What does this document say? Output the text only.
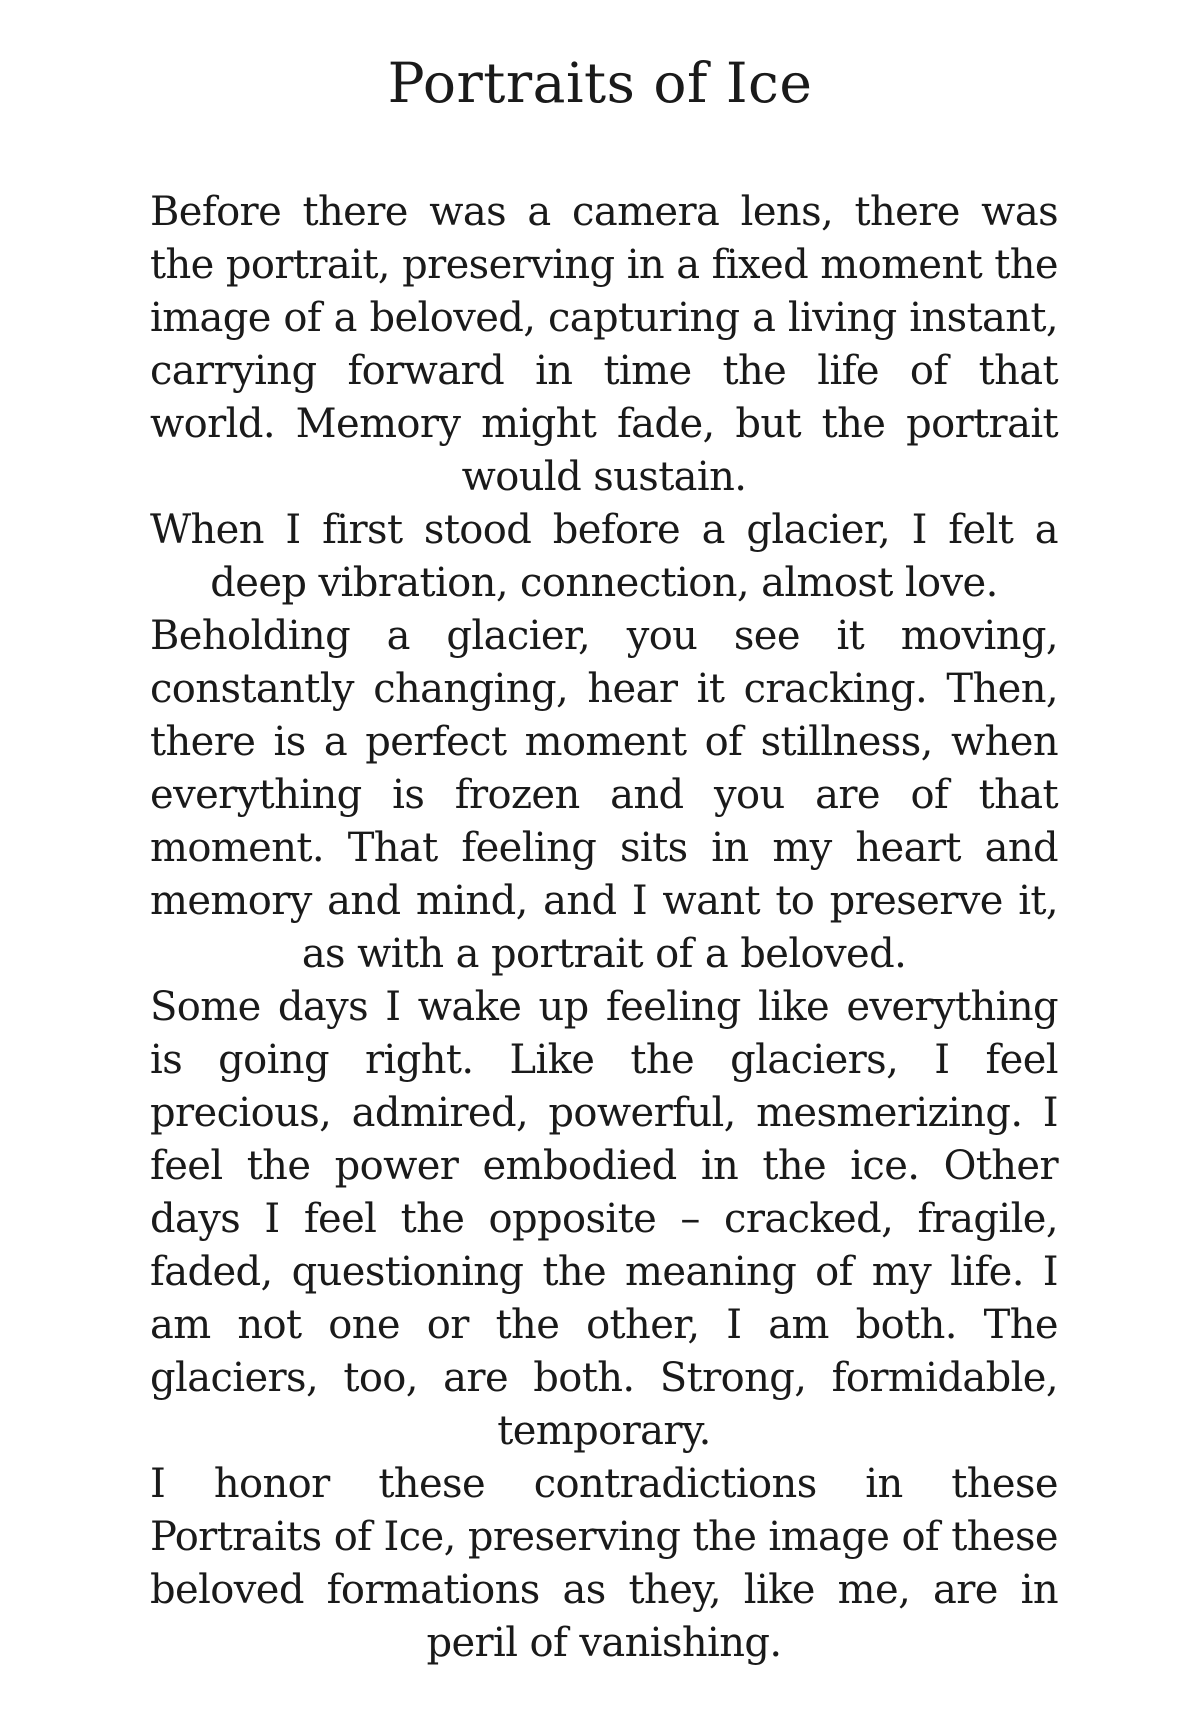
Portraits of Ice

Before there was a camera lens, there was the portrait, preserving in a fixed moment the image of a beloved, capturing a living instant, carrying forward in time the life of that world. Memory might fade, but the portrait would sustain.

When I first stood before a glacier, I felt a deep vibration, connection, almost love.

Beholding a glacier, you see it moving, constantly changing, hear it cracking. Then, there is a perfect moment of stillness, when everything is frozen and you are of that moment. That feeling sits in my heart and memory and mind, and I want to preserve it, as with a portrait of a beloved.

Some days I wake up feeling like everything is going right. Like the glaciers, I feel precious, admired, powerful, mesmerizing. I feel the power embodied in the ice. Other days I feel the opposite – cracked, fragile, faded, questioning the meaning of my life. I am not one or the other, I am both. The glaciers, too, are both. Strong, formidable, temporary.

I honor these contradictions in these Portraits of Ice, preserving the image of these beloved formations as they, like me, are in peril of vanishing.
